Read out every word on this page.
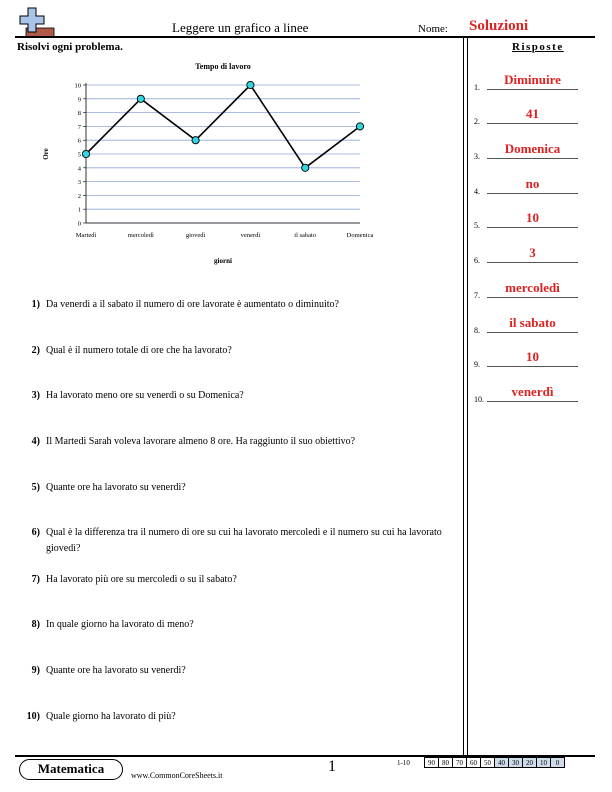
Leggere un grafico a linee	Nome: Soluzioni
Risolvi ogni problema.	Risposte
Tempo di lavoro
0
1
2
3
4
5
6
7
8
9
10
Martedì	mercoledì	giovedì	venerdì	il sabato	Domenica
giorni
Ore
1) Da venerdì a il sabato il numero di ore lavorate è aumentato o diminuito?
2) Qual è il numero totale di ore che ha lavorato?
3) Ha lavorato meno ore su venerdì o su Domenica?
4) Il Martedì Sarah voleva lavorare almeno 8 ore. Ha raggiunto il suo obiettivo?
5) Quante ore ha lavorato su venerdì?
6) Qual è la differenza tra il numero di ore su cui ha lavorato mercoledì e il numero su cui ha lavorato giovedì?
7) Ha lavorato più ore su mercoledì o su il sabato?
8) In quale giorno ha lavorato di meno?
9) Quante ore ha lavorato su venerdì?
10) Quale giorno ha lavorato di più?
1.
Diminuire
2.
41
3.
Domenica
4.
no
5.
10
6.
3
7.
mercoledì
8.
il sabato
9.
10
10.
venerdì
Matematica	www.CommonCoreSheets.it
1	1-10	90	80	70	60	50	40	30	20	10	0
